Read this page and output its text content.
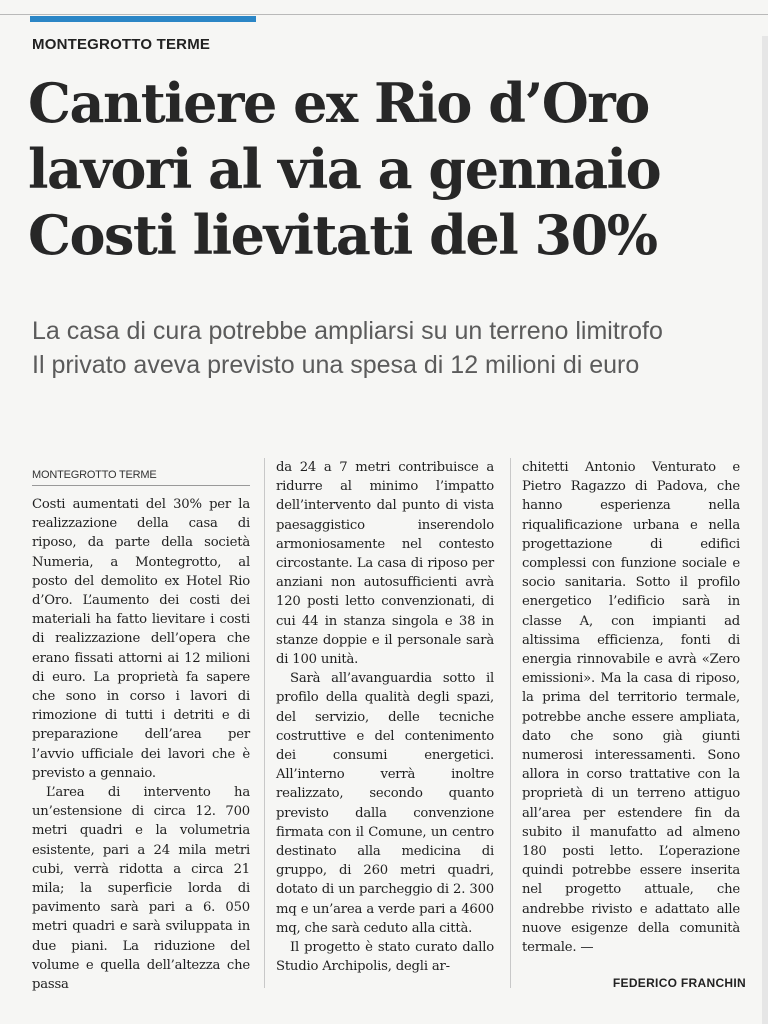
MONTEGROTTO TERME
Cantiere ex Rio d’Oro
lavori al via a gennaio
Costi lievitati del 30%
La casa di cura potrebbe ampliarsi su un terreno limitrofo
Il privato aveva previsto una spesa di 12 milioni di euro
MONTEGROTTO TERME

Costi aumentati del 30% per la realizzazione della casa di riposo, da parte della società Numeria, a Montegrotto, al posto del demolito ex Hotel Rio d’Oro. L’aumento dei costi dei materiali ha fatto lievitare i costi di realizzazione dell’opera che erano fissati attorni ai 12 milioni di euro. La proprietà fa sapere che sono in corso i lavori di rimozione di tutti i detriti e di preparazione dell’area per l’avvio ufficiale dei lavori che è previsto a gennaio.

L’area di intervento ha un’estensione di circa 12. 700 metri quadri e la volumetria esistente, pari a 24 mila metri cubi, verrà ridotta a circa 21 mila; la superficie lorda di pavimento sarà pari a 6. 050 metri quadri e sarà sviluppata in due piani. La riduzione del volume e quella dell’altezza che passa

da 24 a 7 metri contribuisce a ridurre al minimo l’impatto dell’intervento dal punto di vista paesaggistico inserendolo armoniosamente nel contesto circostante. La casa di riposo per anziani non autosufficienti avrà 120 posti letto convenzionati, di cui 44 in stanza singola e 38 in stanze doppie e il personale sarà di 100 unità.

Sarà all’avanguardia sotto il profilo della qualità degli spazi, del servizio, delle tecniche costruttive e del contenimento dei consumi energetici. All’interno verrà inoltre realizzato, secondo quanto previsto dalla convenzione firmata con il Comune, un centro destinato alla medicina di gruppo, di 260 metri quadri, dotato di un parcheggio di 2. 300 mq e un’area a verde pari a 4600 mq, che sarà ceduto alla città.

Il progetto è stato curato dallo Studio Archipolis, degli ar-

chitetti Antonio Venturato e Pietro Ragazzo di Padova, che hanno esperienza nella riqualificazione urbana e nella progettazione di edifici complessi con funzione sociale e socio sanitaria. Sotto il profilo energetico l’edificio sarà in classe A, con impianti ad altissima efficienza, fonti di energia rinnovabile e avrà «Zero emissioni». Ma la casa di riposo, la prima del territorio termale, potrebbe anche essere ampliata, dato che sono già giunti numerosi interessamenti. Sono allora in corso trattative con la proprietà di un terreno attiguo all’area per estendere fin da subito il manufatto ad almeno 180 posti letto. L’operazione quindi potrebbe essere inserita nel progetto attuale, che andrebbe rivisto e adattato alle nuove esigenze della comunità termale. —

FEDERICO FRANCHIN
